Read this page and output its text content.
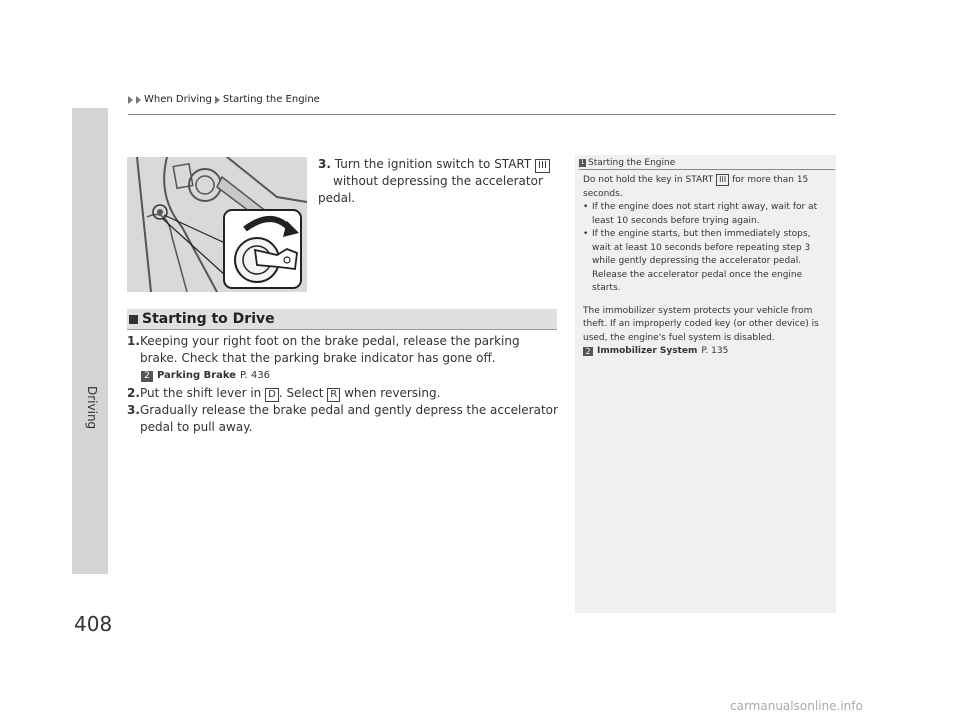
Driving
408
When Driving Starting the Engine
3. Turn the ignition switch to START III
without depressing the accelerator pedal.
Starting to Drive
1. Keeping your right foot on the brake pedal, release the parking brake. Check that the parking brake indicator has gone off.
2 Parking Brake P. 436
2. Put the shift lever in D . Select R when reversing.
3. Gradually release the brake pedal and gently depress the accelerator pedal to pull away.
1 Starting the Engine

Do not hold the key in START III for more than 15 seconds.

• If the engine does not start right away, wait for at least 10 seconds before trying again.

• If the engine starts, but then immediately stops, wait at least 10 seconds before repeating step 3 while gently depressing the accelerator pedal. Release the accelerator pedal once the engine starts.

The immobilizer system protects your vehicle from theft. If an improperly coded key (or other device) is used, the engine's fuel system is disabled.

2 Immobilizer System P. 135

carmanualsonline.info
